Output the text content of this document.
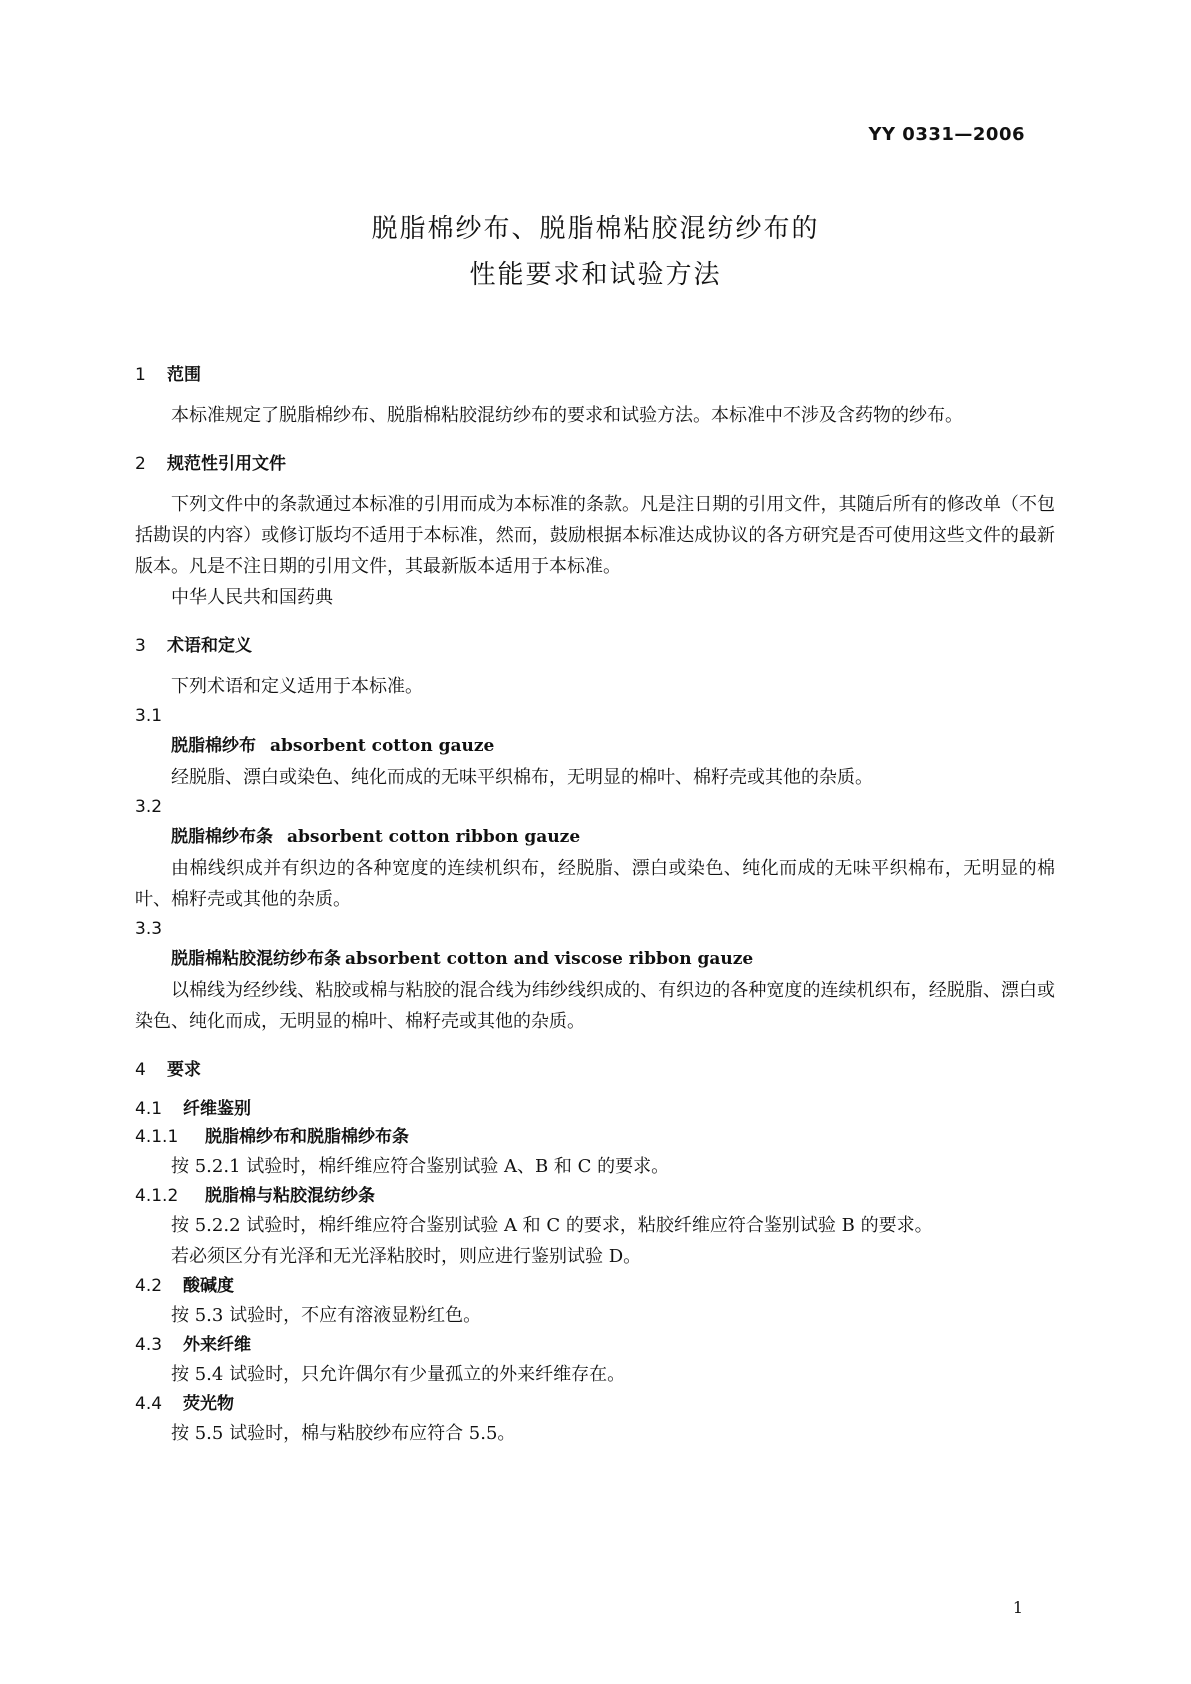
YY 0331—2006
脱脂棉纱布、脱脂棉粘胶混纺纱布的
性能要求和试验方法
1 范围

本标准规定了脱脂棉纱布、脱脂棉粘胶混纺纱布的要求和试验方法。本标准中不涉及含药物的纱布。

2 规范性引用文件

下列文件中的条款通过本标准的引用而成为本标准的条款。凡是注日期的引用文件，其随后所有的修改单（不包括勘误的内容）或修订版均不适用于本标准，然而，鼓励根据本标准达成协议的各方研究是否可使用这些文件的最新版本。凡是不注日期的引用文件，其最新版本适用于本标准。

中华人民共和国药典

3 术语和定义

下列术语和定义适用于本标准。

3.1

脱脂棉纱布 absorbent cotton gauze

经脱脂、漂白或染色、纯化而成的无味平织棉布，无明显的棉叶、棉籽壳或其他的杂质。

3.2

脱脂棉纱布条 absorbent cotton ribbon gauze

由棉线织成并有织边的各种宽度的连续机织布，经脱脂、漂白或染色、纯化而成的无味平织棉布，无明显的棉叶、棉籽壳或其他的杂质。

3.3

脱脂棉粘胶混纺纱布条 absorbent cotton and viscose ribbon gauze

以棉线为经纱线、粘胶或棉与粘胶的混合线为纬纱线织成的、有织边的各种宽度的连续机织布，经脱脂、漂白或染色、纯化而成，无明显的棉叶、棉籽壳或其他的杂质。

4 要求

4.1 纤维鉴别

4.1.1 脱脂棉纱布和脱脂棉纱布条

按 5.2.1 试验时，棉纤维应符合鉴别试验 A、B 和 C 的要求。

4.1.2 脱脂棉与粘胶混纺纱条

按 5.2.2 试验时，棉纤维应符合鉴别试验 A 和 C 的要求，粘胶纤维应符合鉴别试验 B 的要求。

若必须区分有光泽和无光泽粘胶时，则应进行鉴别试验 D。

4.2 酸碱度

按 5.3 试验时，不应有溶液显粉红色。

4.3 外来纤维

按 5.4 试验时，只允许偶尔有少量孤立的外来纤维存在。

4.4 荧光物

按 5.5 试验时，棉与粘胶纱布应符合 5.5。

1
